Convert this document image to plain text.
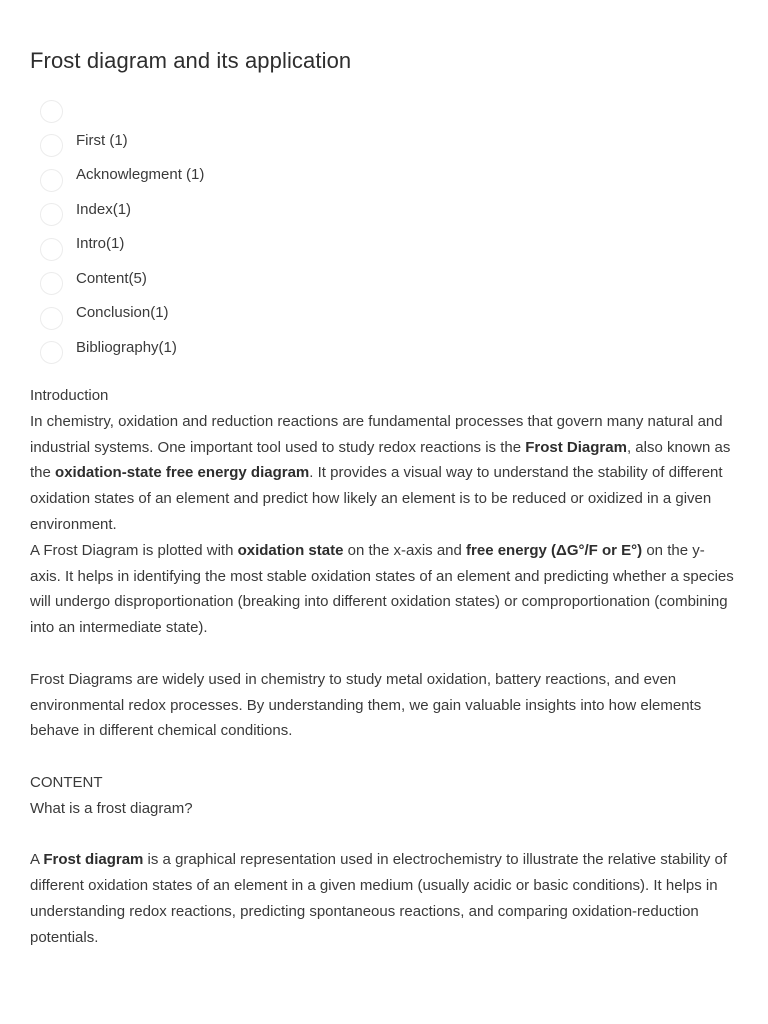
Frost diagram and its application
First (1)
Acknowlegment (1)
Index(1)
Intro(1)
Content(5)
Conclusion(1)
Bibliography(1)

Introduction

In chemistry, oxidation and reduction reactions are fundamental processes that govern many natural and industrial systems. One important tool used to study redox reactions is the Frost Diagram, also known as the oxidation-state free energy diagram. It provides a visual way to understand the stability of different oxidation states of an element and predict how likely an element is to be reduced or oxidized in a given environment.

A Frost Diagram is plotted with oxidation state on the x-axis and free energy (ΔG°/F or E°) on the y-axis. It helps in identifying the most stable oxidation states of an element and predicting whether a species will undergo disproportionation (breaking into different oxidation states) or comproportionation (combining into an intermediate state).

Frost Diagrams are widely used in chemistry to study metal oxidation, battery reactions, and even environmental redox processes. By understanding them, we gain valuable insights into how elements behave in different chemical conditions.

CONTENT

What is a frost diagram?

A Frost diagram is a graphical representation used in electrochemistry to illustrate the relative stability of different oxidation states of an element in a given medium (usually acidic or basic conditions). It helps in understanding redox reactions, predicting spontaneous reactions, and comparing oxidation-reduction potentials.
